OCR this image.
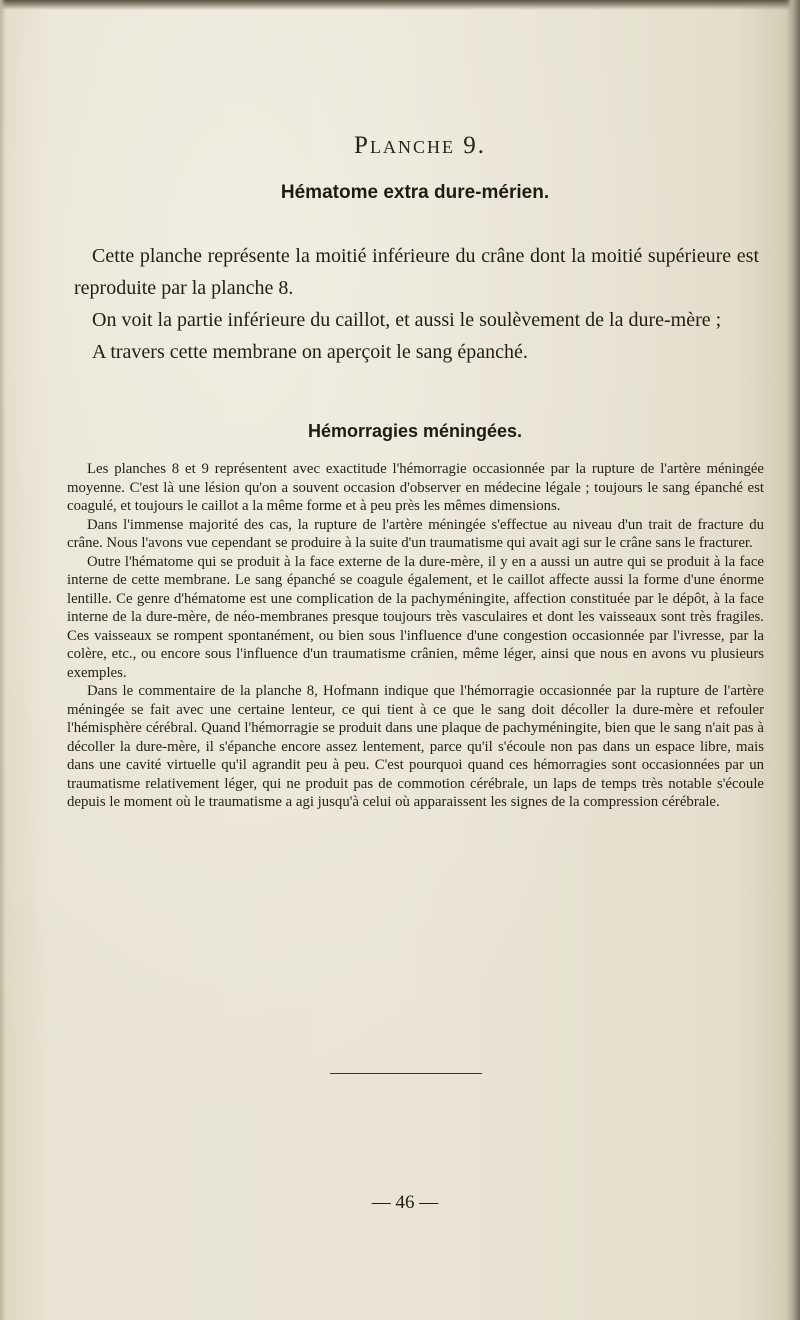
Planche 9.
Hématome extra dure-mérien.

Cette planche représente la moitié inférieure du crâne dont la moitié supérieure est reproduite par la planche 8.

On voit la partie inférieure du caillot, et aussi le soulèvement de la dure-mère ;

A travers cette membrane on aperçoit le sang épanché.

Hémorragies méningées.

Les planches 8 et 9 représentent avec exactitude l'hémorragie occasionnée par la rupture de l'artère méningée moyenne. C'est là une lésion qu'on a souvent occasion d'observer en médecine légale ; toujours le sang épanché est coagulé, et toujours le caillot a la même forme et à peu près les mêmes dimensions.

Dans l'immense majorité des cas, la rupture de l'artère méningée s'effectue au niveau d'un trait de fracture du crâne. Nous l'avons vue cependant se produire à la suite d'un traumatisme qui avait agi sur le crâne sans le fracturer.

Outre l'hématome qui se produit à la face externe de la dure-mère, il y en a aussi un autre qui se produit à la face interne de cette membrane. Le sang épanché se coagule également, et le caillot affecte aussi la forme d'une énorme lentille. Ce genre d'hématome est une complication de la pachyméningite, affection constituée par le dépôt, à la face interne de la dure-mère, de néo-membranes presque toujours très vasculaires et dont les vaisseaux sont très fragiles. Ces vaisseaux se rompent spontanément, ou bien sous l'influence d'une congestion occasionnée par l'ivresse, par la colère, etc., ou encore sous l'influence d'un traumatisme crânien, même léger, ainsi que nous en avons vu plusieurs exemples.

Dans le commentaire de la planche 8, Hofmann indique que l'hémorragie occasionnée par la rupture de l'artère méningée se fait avec une certaine lenteur, ce qui tient à ce que le sang doit décoller la dure-mère et refouler l'hémisphère cérébral. Quand l'hémorragie se produit dans une plaque de pachyméningite, bien que le sang n'ait pas à décoller la dure-mère, il s'épanche encore assez lentement, parce qu'il s'écoule non pas dans un espace libre, mais dans une cavité virtuelle qu'il agrandit peu à peu. C'est pourquoi quand ces hémorragies sont occasionnées par un traumatisme relativement léger, qui ne produit pas de commotion cérébrale, un laps de temps très notable s'écoule depuis le moment où le traumatisme a agi jusqu'à celui où apparaissent les signes de la compression cérébrale.

— 46 —
